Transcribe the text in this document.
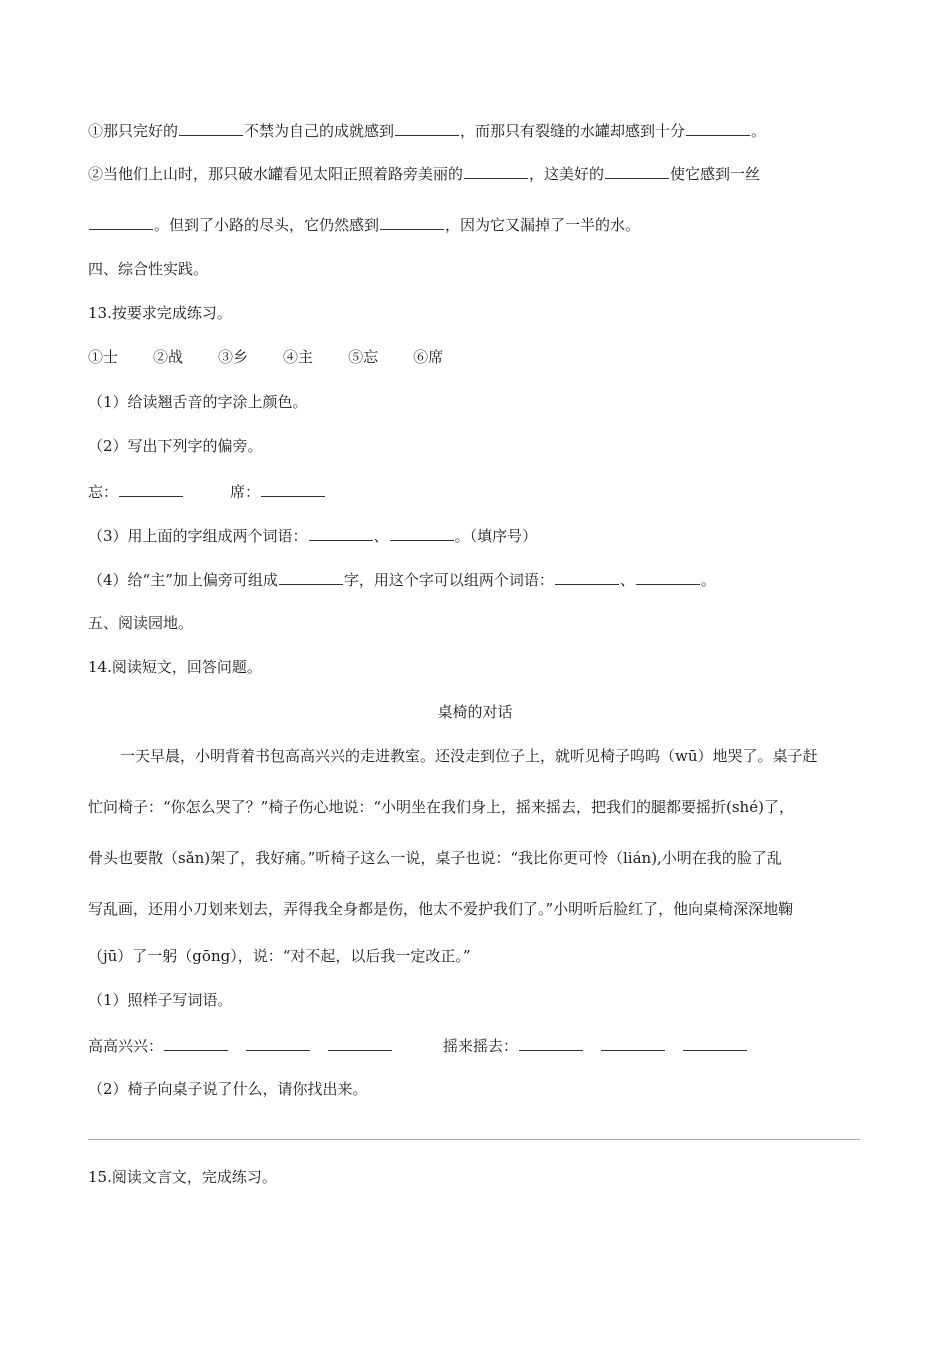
①那只完好的	不禁为自己的成就感到	，而那只有裂缝的水罐却感到十分	。
②当他们上山时，那只破水罐看见太阳正照着路旁美丽的	，这美好的	使它感到一丝
。但到了小路的尽头，它仍然感到	，因为它又漏掉了一半的水。
四、综合性实践。
13.按要求完成练习。
①士 ②战 ③乡 ④主 ⑤忘 ⑥席
（1）给读翘舌音的字涂上颜色。
（2）写出下列字的偏旁。
忘：	席：
（3）用上面的字组成两个词语：	、	。（填序号）
（4）给“主”加上偏旁可组成	字，用这个字可以组两个词语：	、	。
五、阅读园地。
14.阅读短文，回答问题。
桌椅的对话
一天早晨，小明背着书包高高兴兴的走进教室。还没走到位子上，就听见椅子呜呜（wū）地哭了。桌子赶
忙问椅子：“你怎么哭了？”椅子伤心地说：“小明坐在我们身上，摇来摇去，把我们的腿都要摇折(shé)了，
骨头也要散（sǎn)架了，我好痛。”听椅子这么一说，桌子也说：“我比你更可怜（lián),小明在我的脸了乱
写乱画，还用小刀划来划去，弄得我全身都是伤，他太不爱护我们了。”小明听后脸红了，他向桌椅深深地鞠
（jū）了一躬（gōng），说：“对不起，以后我一定改正。”
（1）照样子写词语。
高高兴兴：	摇来摇去：
（2）椅子向桌子说了什么，请你找出来。
15.阅读文言文，完成练习。
